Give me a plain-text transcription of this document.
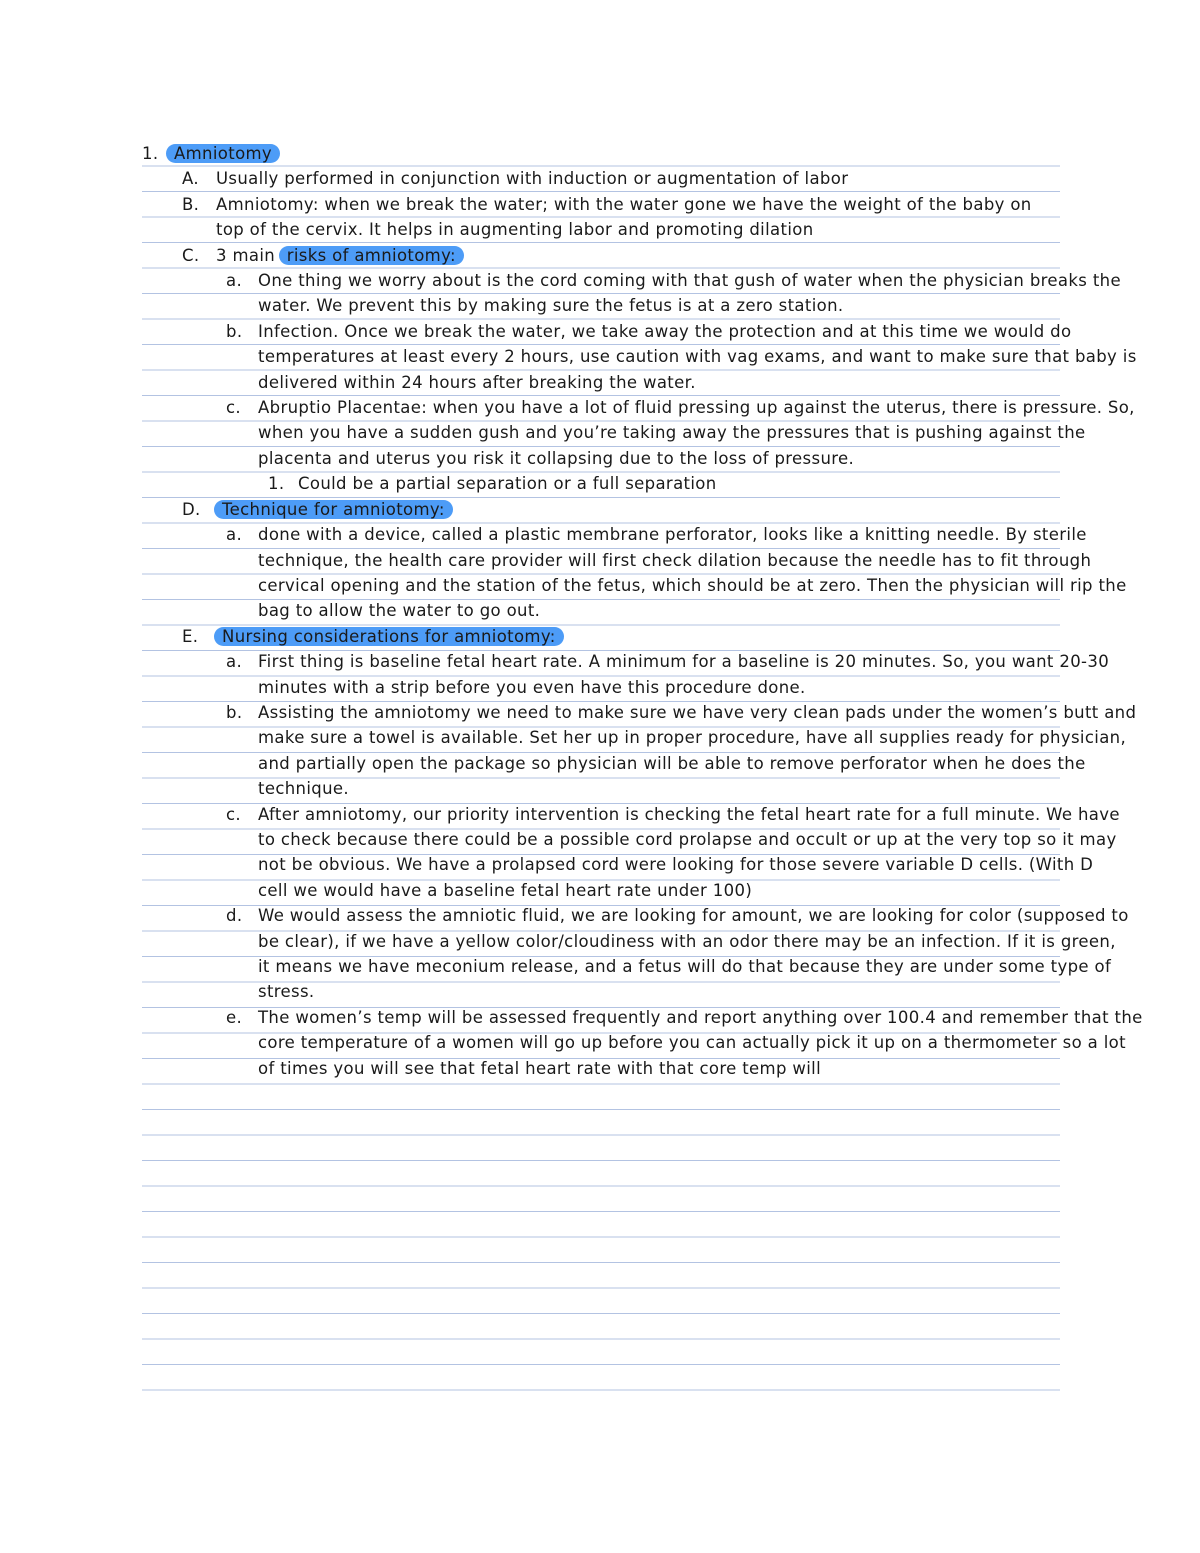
1. Amniotomy
A.	Usually performed in conjunction with induction or augmentation of labor
B.	Amniotomy: when we break the water; with the water gone we have the weight of the baby on top of the cervix. It helps in augmenting labor and promoting dilation
C.	3 main risks of amniotomy:
a. One thing we worry about is the cord coming with that gush of water when the physician breaks the water. We prevent this by making sure the fetus is at a zero station.
b. Infection. Once we break the water, we take away the protection and at this time we would do temperatures at least every 2 hours, use caution with vag exams, and want to make sure that baby is delivered within 24 hours after breaking the water.
c.	Abruptio Placentae: when you have a lot of fluid pressing up against the uterus, there is pressure. So, when you have a sudden gush and you’re taking away the pressures that is pushing against the placenta and uterus you risk it collapsing due to the loss of pressure.
1. Could be a partial separation or a full separation
D.	Technique for amniotomy:
a. done with a device, called a plastic membrane perforator, looks like a knitting needle. By sterile technique, the health care provider will first check dilation because the needle has to fit through cervical opening and the station of the fetus, which should be at zero. Then the physician will rip the bag to allow the water to go out.
E.	Nursing considerations for amniotomy:
a. First thing is baseline fetal heart rate. A minimum for a baseline is 20 minutes. So, you want 20-30 minutes with a strip before you even have this procedure done.
b. Assisting the amniotomy we need to make sure we have very clean pads under the women’s butt and make sure a towel is available. Set her up in proper procedure, have all supplies ready for physician, and partially open the package so physician will be able to remove perforator when he does the technique.
c.	After amniotomy, our priority intervention is checking the fetal heart rate for a full minute. We have to check because there could be a possible cord prolapse and occult or up at the very top so it may not be obvious. We have a prolapsed cord were looking for those severe variable D cells. (With D cell we would have a baseline fetal heart rate under 100)
d. We would assess the amniotic fluid, we are looking for amount, we are looking for color (supposed to be clear), if we have a yellow color/cloudiness with an odor there may be an infection. If it is green, it means we have meconium release, and a fetus will do that because they are under some type of stress.
e. The women’s temp will be assessed frequently and report anything over 100.4 and remember that the core temperature of a women will go up before you can actually pick it up on a thermometer so a lot of times you will see that fetal heart rate with that core temp will
